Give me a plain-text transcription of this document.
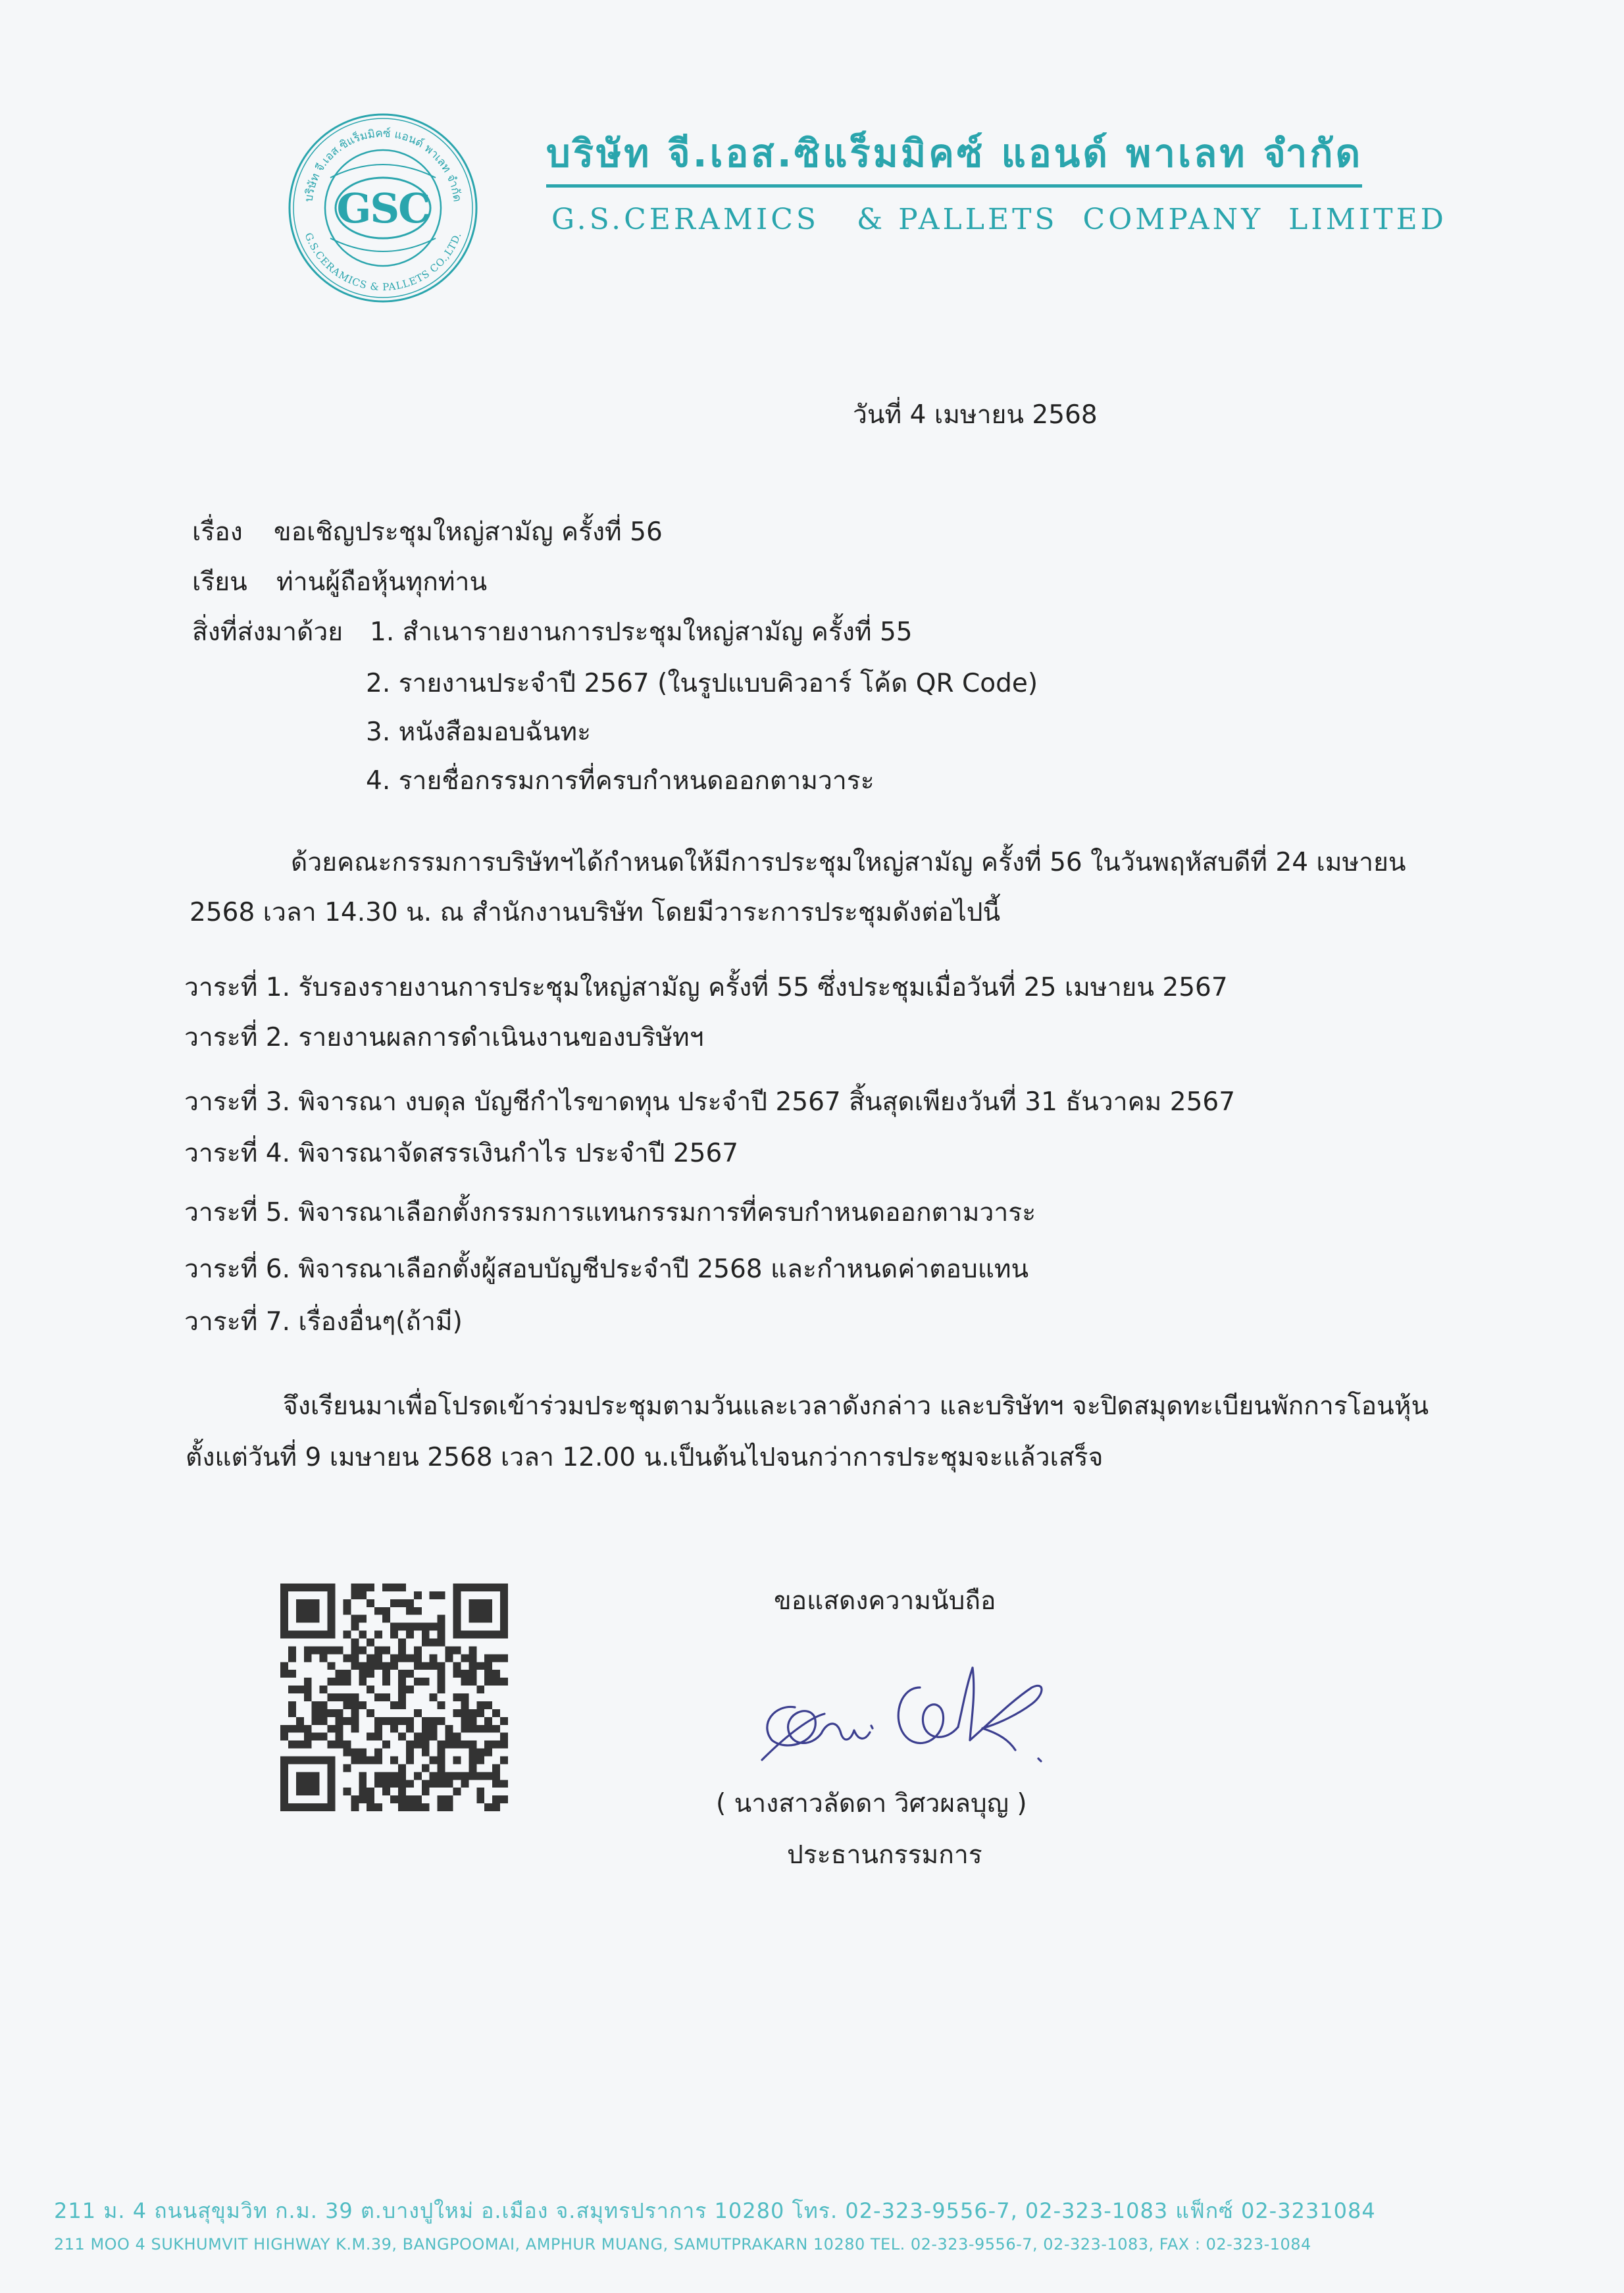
บริษัท จี.เอส.ซิแร็มมิคซ์ แอนด์ พาเลท จำกัด
G.S.CERAMICS & PALLETS CO.,LTD.
GSC
บริษัท จี.เอส.ซิแร็มมิคซ์ แอนด์ พาเลท จำกัด
G.S.CERAMICS   & PALLETS  COMPANY  LIMITED
วันที่ 4 เมษายน 2568
เรื่อง ขอเชิญประชุมใหญ่สามัญ ครั้งที่ 56
เรียน ท่านผู้ถือหุ้นทุกท่าน
สิ่งที่ส่งมาด้วย 1. สำเนารายงานการประชุมใหญ่สามัญ ครั้งที่ 55
2. รายงานประจำปี 2567 (ในรูปแบบคิวอาร์ โค้ด QR Code)
3. หนังสือมอบฉันทะ
4. รายชื่อกรรมการที่ครบกำหนดออกตามวาระ
ด้วยคณะกรรมการบริษัทฯได้กำหนดให้มีการประชุมใหญ่สามัญ ครั้งที่ 56 ในวันพฤหัสบดีที่ 24 เมษายน
2568 เวลา 14.30 น. ณ สำนักงานบริษัท โดยมีวาระการประชุมดังต่อไปนี้
วาระที่ 1. รับรองรายงานการประชุมใหญ่สามัญ ครั้งที่ 55 ซึ่งประชุมเมื่อวันที่ 25 เมษายน 2567
วาระที่ 2. รายงานผลการดำเนินงานของบริษัทฯ
วาระที่ 3. พิจารณา งบดุล บัญชีกำไรขาดทุน ประจำปี 2567 สิ้นสุดเพียงวันที่ 31 ธันวาคม 2567
วาระที่ 4. พิจารณาจัดสรรเงินกำไร ประจำปี 2567
วาระที่ 5. พิจารณาเลือกตั้งกรรมการแทนกรรมการที่ครบกำหนดออกตามวาระ
วาระที่ 6. พิจารณาเลือกตั้งผู้สอบบัญชีประจำปี 2568 และกำหนดค่าตอบแทน
วาระที่ 7. เรื่องอื่นๆ(ถ้ามี)
จึงเรียนมาเพื่อโปรดเข้าร่วมประชุมตามวันและเวลาดังกล่าว และบริษัทฯ จะปิดสมุดทะเบียนพักการโอนหุ้น
ตั้งแต่วันที่ 9 เมษายน 2568 เวลา 12.00 น.เป็นต้นไปจนกว่าการประชุมจะแล้วเสร็จ
ขอแสดงความนับถือ
( นางสาวลัดดา วิศวผลบุญ )
ประธานกรรมการ
211 ม. 4 ถนนสุขุมวิท ก.ม. 39 ต.บางปูใหม่ อ.เมือง จ.สมุทรปราการ 10280 โทร. 02-323-9556-7, 02-323-1083 แฟ็กซ์ 02-3231084
211 MOO 4 SUKHUMVIT HIGHWAY K.M.39, BANGPOOMAI, AMPHUR MUANG, SAMUTPRAKARN 10280 TEL. 02-323-9556-7, 02-323-1083, FAX : 02-323-1084
